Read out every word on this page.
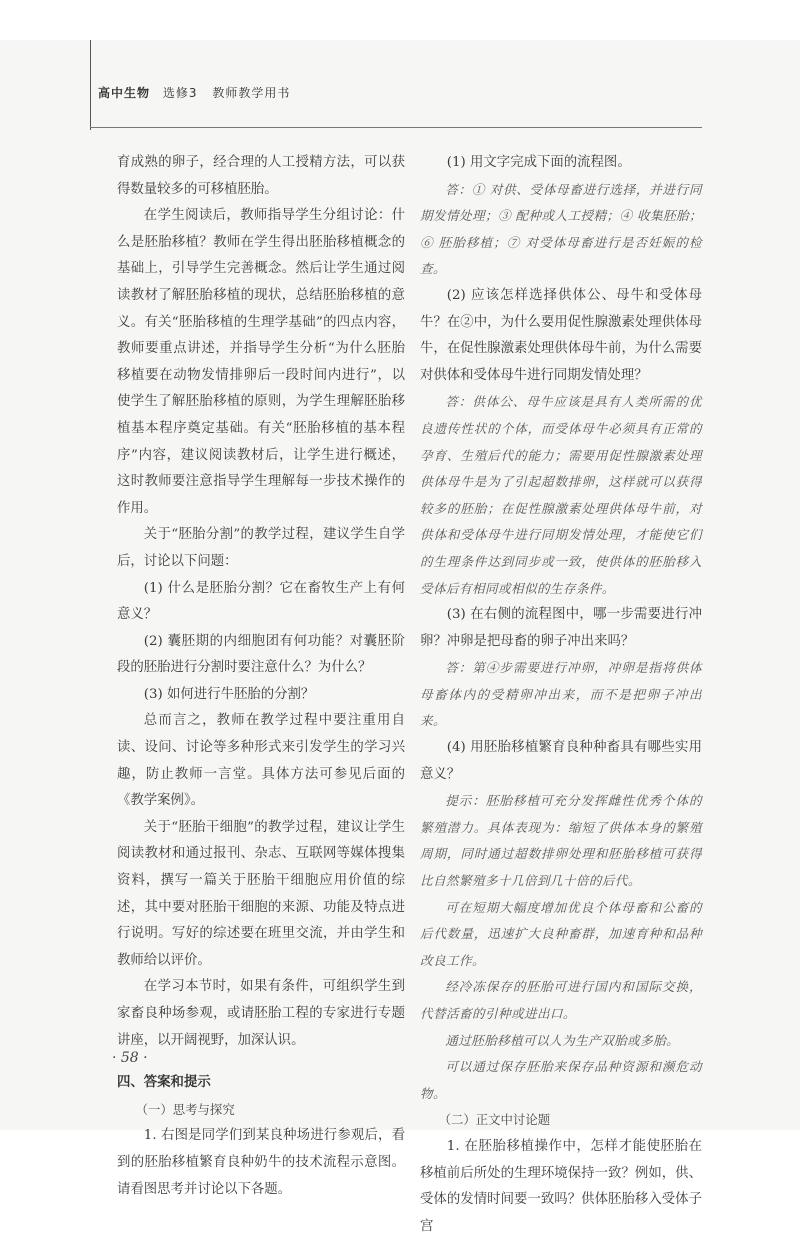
高中生物 选修3 教师教学用书

育成熟的卵子，经合理的人工授精方法，可以获得数量较多的可移植胚胎。

在学生阅读后，教师指导学生分组讨论：什么是胚胎移植？教师在学生得出胚胎移植概念的基础上，引导学生完善概念。然后让学生通过阅读教材了解胚胎移植的现状，总结胚胎移植的意义。有关“胚胎移植的生理学基础”的四点内容，教师要重点讲述，并指导学生分析“为什么胚胎移植要在动物发情排卵后一段时间内进行”，以使学生了解胚胎移植的原则，为学生理解胚胎移植基本程序奠定基础。有关“胚胎移植的基本程序”内容，建议阅读教材后，让学生进行概述，这时教师要注意指导学生理解每一步技术操作的作用。

关于“胚胎分割”的教学过程，建议学生自学后，讨论以下问题：

(1) 什么是胚胎分割？它在畜牧生产上有何意义？

(2) 囊胚期的内细胞团有何功能？对囊胚阶段的胚胎进行分割时要注意什么？为什么？

(3) 如何进行牛胚胎的分割？

总而言之，教师在教学过程中要注重用自读、设问、讨论等多种形式来引发学生的学习兴趣，防止教师一言堂。具体方法可参见后面的《教学案例》。

关于“胚胎干细胞”的教学过程，建议让学生阅读教材和通过报刊、杂志、互联网等媒体搜集资料，撰写一篇关于胚胎干细胞应用价值的综述，其中要对胚胎干细胞的来源、功能及特点进行说明。写好的综述要在班里交流，并由学生和教师给以评价。

在学习本节时，如果有条件，可组织学生到家畜良种场参观，或请胚胎工程的专家进行专题讲座，以开阔视野，加深认识。

四、答案和提示

（一）思考与探究

1. 右图是同学们到某良种场进行参观后，看到的胚胎移植繁育良种奶牛的技术流程示意图。请看图思考并讨论以下各题。

(1) 用文字完成下面的流程图。

答：① 对供、受体母畜进行选择，并进行同期发情处理；③ 配种或人工授精；④ 收集胚胎；⑥ 胚胎移植；⑦ 对受体母畜进行是否妊娠的检查。

(2) 应该怎样选择供体公、母牛和受体母牛？在②中，为什么要用促性腺激素处理供体母牛，在促性腺激素处理供体母牛前，为什么需要对供体和受体母牛进行同期发情处理？

答：供体公、母牛应该是具有人类所需的优良遗传性状的个体，而受体母牛必须具有正常的孕育、生殖后代的能力；需要用促性腺激素处理供体母牛是为了引起超数排卵，这样就可以获得较多的胚胎；在促性腺激素处理供体母牛前，对供体和受体母牛进行同期发情处理，才能使它们的生理条件达到同步或一致，使供体的胚胎移入受体后有相同或相似的生存条件。

(3) 在右侧的流程图中，哪一步需要进行冲卵？冲卵是把母畜的卵子冲出来吗？

答：第④步需要进行冲卵，冲卵是指将供体母畜体内的受精卵冲出来，而不是把卵子冲出来。

(4) 用胚胎移植繁育良种种畜具有哪些实用意义？

提示：胚胎移植可充分发挥雌性优秀个体的繁殖潜力。具体表现为：缩短了供体本身的繁殖周期，同时通过超数排卵处理和胚胎移植可获得比自然繁殖多十几倍到几十倍的后代。

可在短期大幅度增加优良个体母畜和公畜的后代数量，迅速扩大良种畜群，加速育种和品种改良工作。

经冷冻保存的胚胎可进行国内和国际交换，代替活畜的引种或进出口。

通过胚胎移植可以人为生产双胎或多胎。

可以通过保存胚胎来保存品种资源和濒危动物。

（二）正文中讨论题

1. 在胚胎移植操作中，怎样才能使胚胎在移植前后所处的生理环境保持一致？例如，供、受体的发情时间要一致吗？供体胚胎移入受体子宫

· 58 ·
